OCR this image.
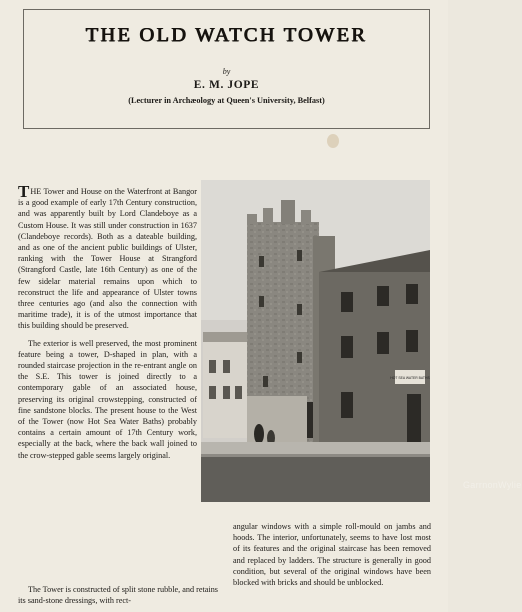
THE OLD WATCH TOWER
by
E. M. JOPE
(Lecturer in Archæology at Queen's University, Belfast)

THE Tower and House on the Waterfront at Bangor is a good example of early 17th Century construction, and was apparently built by Lord Clandeboye as a Custom House. It was still under construction in 1637 (Clandeboye records). Both as a dateable building, and as one of the ancient public buildings of Ulster, ranking with the Tower House at Strangford (Strangford Castle, late 16th Century) as one of the few sidelar material remains upon which to reconstruct the life and appearance of Ulster towns three centuries ago (and also the connection with maritime trade), it is of the utmost importance that this building should be preserved.

The exterior is well preserved, the most prominent feature being a tower, D-shaped in plan, with a rounded staircase projection in the re-entrant angle on the S.E. This tower is joined directly to a contemporary gable of an associated house, preserving its original crowstepping, constructed of fine sandstone blocks. The present house to the West of the Tower (now Hot Sea Water Baths) probably contains a certain amount of 17th Century work, especially at the back, where the back wall joined to the crow-stepped gable seems largely original.

The Tower is constructed of split stone rubble, and retains its sand-stone dressings, with rect-

angular windows with a simple roll-mould on jambs and hoods. The interior, unfortunately, seems to have lost most of its features and the original staircase has been removed and replaced by ladders. The structure is generally in good condition, but several of the original windows have been blocked with bricks and should be unblocked.

HOT SEA WATER BATHS
GarrnonWylie
